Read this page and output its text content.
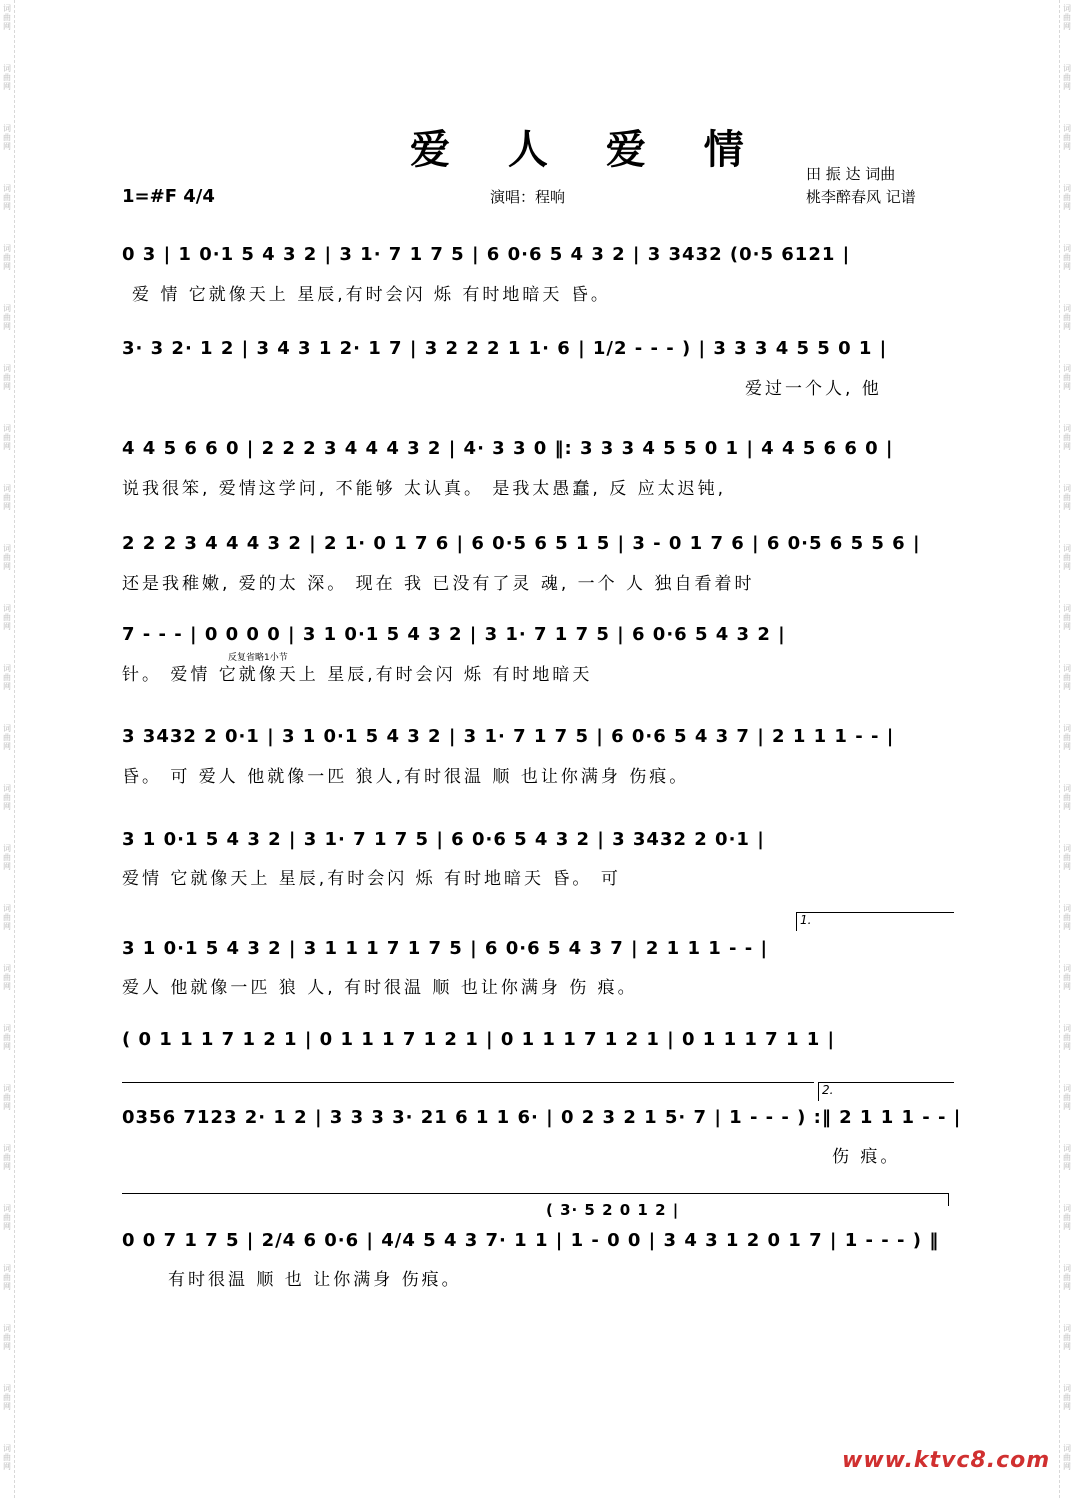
词
曲
网
词
曲
网
词
曲
网
词
曲
网
词
曲
网
词
曲
网
词
曲
网
词
曲
网
词
曲
网
词
曲
网
词
曲
网
词
曲
网
词
曲
网
词
曲
网
词
曲
网
词
曲
网
词
曲
网
词
曲
网
词
曲
网
词
曲
网
词
曲
网
词
曲
网
词
曲
网
词
曲
网
词
曲
网
词
曲
网
词
曲
网
词
曲
网
词
曲
网
词
曲
网
词
曲
网
词
曲
网
词
曲
网
词
曲
网
词
曲
网
词
曲
网
词
曲
网
词
曲
网
词
曲
网
词
曲
网
词
曲
网
词
曲
网
词
曲
网
词
曲
网
词
曲
网
词
曲
网
词
曲
网
词
曲
网
词
曲
网
词
曲
网
爱 人 爱 情
1=#F 4/4	演唱：程响
田 振 达 词曲
桃李醉春风 记谱
0 3 | 1 0·1 5 4 3 2 | 3 1· 7 1 7 5 | 6 0·6 5 4 3 2 | 3 3432 (0·5 6121 |
爱 情 它就像天上 星辰,有时会闪 烁 有时地暗天 昏。
3· 3 2· 1 2 | 3 4 3 1 2· 1 7 | 3 2 2 2 1 1· 6 | 1/2 - - - ) | 3 3 3 4 5 5 0 1 |
爱过一个人, 他
4 4 5 6 6 0 | 2 2 2 3 4 4 4 3 2 | 4· 3 3 0 ‖: 3 3 3 4 5 5 0 1 | 4 4 5 6 6 0 |
说我很笨, 爱情这学问, 不能够 太认真。 是我太愚蠢, 反 应太迟钝,
2 2 2 3 4 4 4 3 2 | 2 1· 0 1 7 6 | 6 0·5 6 5 1 5 | 3 - 0 1 7 6 | 6 0·5 6 5 5 6 |
还是我稚嫩, 爱的太 深。 现在 我 已没有了灵 魂, 一个 人 独自看着时
7 - - - | 0 0 0 0 | 3 1 0·1 5 4 3 2 | 3 1· 7 1 7 5 | 6 0·6 5 4 3 2 |
反复省略1小节
针。 爱情 它就像天上 星辰,有时会闪 烁 有时地暗天
3 3432 2 0·1 | 3 1 0·1 5 4 3 2 | 3 1· 7 1 7 5 | 6 0·6 5 4 3 7 | 2 1 1 1 - - |
昏。 可 爱人 他就像一匹 狼人,有时很温 顺 也让你满身 伤痕。
3 1 0·1 5 4 3 2 | 3 1· 7 1 7 5 | 6 0·6 5 4 3 2 | 3 3432 2 0·1 |
爱情 它就像天上 星辰,有时会闪 烁 有时地暗天 昏。 可
1.
3 1 0·1 5 4 3 2 | 3 1 1 1 7 1 7 5 | 6 0·6 5 4 3 7 | 2 1 1 1 - - |
爱人 他就像一匹 狼 人, 有时很温 顺 也让你满身 伤 痕。
( 0 1 1 1 7 1 2 1 | 0 1 1 1 7 1 2 1 | 0 1 1 1 7 1 2 1 | 0 1 1 1 7 1 1 |
2.
0356 7123 2· 1 2 | 3 3 3 3· 21 6 1 1 6· | 0 2 3 2 1 5· 7 | 1 - - - ) :‖ 2 1 1 1 - - |
伤 痕。
( 3· 5 2 0 1 2 |
0 0 7 1 7 5 | 2/4 6 0·6 | 4/4 5 4 3 7· 1 1 | 1 - 0 0 | 3 4 3 1 2 0 1 7 | 1 - - - ) ‖
有时很温 顺 也 让你满身 伤痕。
www.ktvc8.com
